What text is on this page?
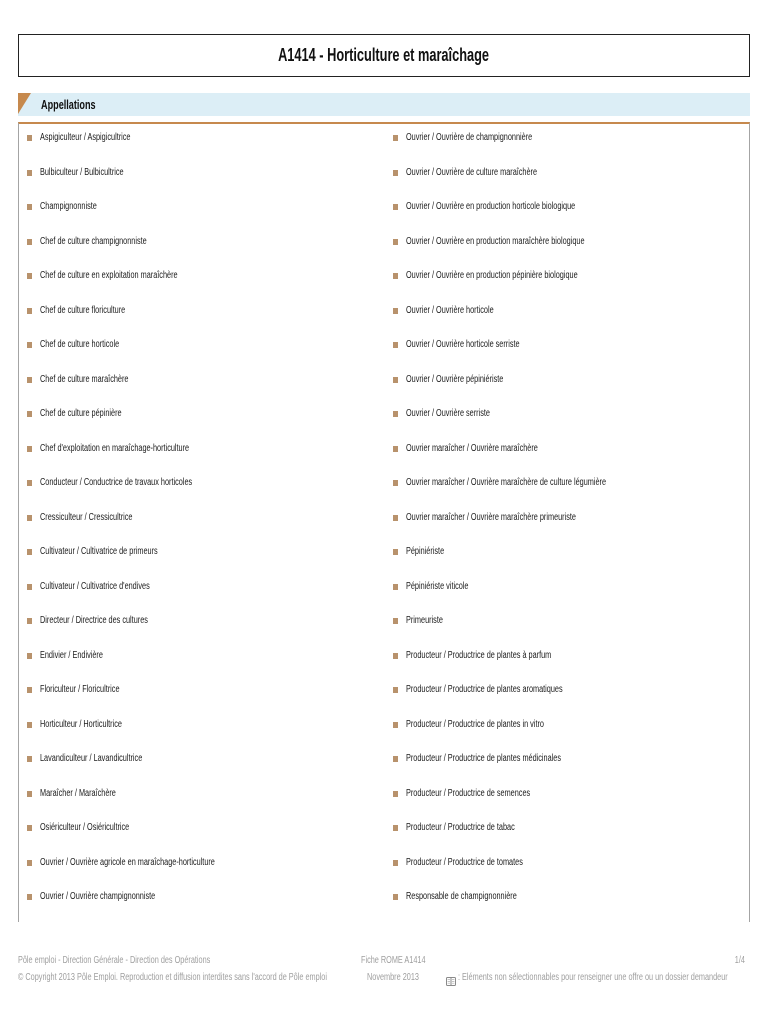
A1414 - Horticulture et maraîchage
Appellations
Aspigiculteur / Aspigicultrice
Bulbiculteur / Bulbicultrice
Champignonniste
Chef de culture champignonniste
Chef de culture en exploitation maraîchère
Chef de culture floriculture
Chef de culture horticole
Chef de culture maraîchère
Chef de culture pépinière
Chef d'exploitation en maraîchage-horticulture
Conducteur / Conductrice de travaux horticoles
Cressiculteur / Cressicultrice
Cultivateur / Cultivatrice de primeurs
Cultivateur / Cultivatrice d'endives
Directeur / Directrice des cultures
Endivier / Endivière
Floriculteur / Floricultrice
Horticulteur / Horticultrice
Lavandiculteur / Lavandicultrice
Maraîcher / Maraîchère
Osiériculteur / Osiéricultrice
Ouvrier / Ouvrière agricole en maraîchage-horticulture
Ouvrier / Ouvrière champignonniste
Ouvrier / Ouvrière de champignonnière
Ouvrier / Ouvrière de culture maraîchère
Ouvrier / Ouvrière en production horticole biologique
Ouvrier / Ouvrière en production maraîchère biologique
Ouvrier / Ouvrière en production pépinière biologique
Ouvrier / Ouvrière horticole
Ouvrier / Ouvrière horticole serriste
Ouvrier / Ouvrière pépiniériste
Ouvrier / Ouvrière serriste
Ouvrier maraîcher / Ouvrière maraîchère
Ouvrier maraîcher / Ouvrière maraîchère de culture légumière
Ouvrier maraîcher / Ouvrière maraîchère primeuriste
Pépiniériste
Pépiniériste viticole
Primeuriste
Producteur / Productrice de plantes à parfum
Producteur / Productrice de plantes aromatiques
Producteur / Productrice de plantes in vitro
Producteur / Productrice de plantes médicinales
Producteur / Productrice de semences
Producteur / Productrice de tabac
Producteur / Productrice de tomates
Responsable de champignonnière
Pôle emploi - Direction Générale - Direction des Opérations
© Copyright 2013 Pôle Emploi. Reproduction et diffusion interdites sans l'accord de Pôle emploi
Fiche ROME A1414
Novembre 2013
1/4
: Eléments non sélectionnables pour renseigner une offre ou un dossier demandeur
